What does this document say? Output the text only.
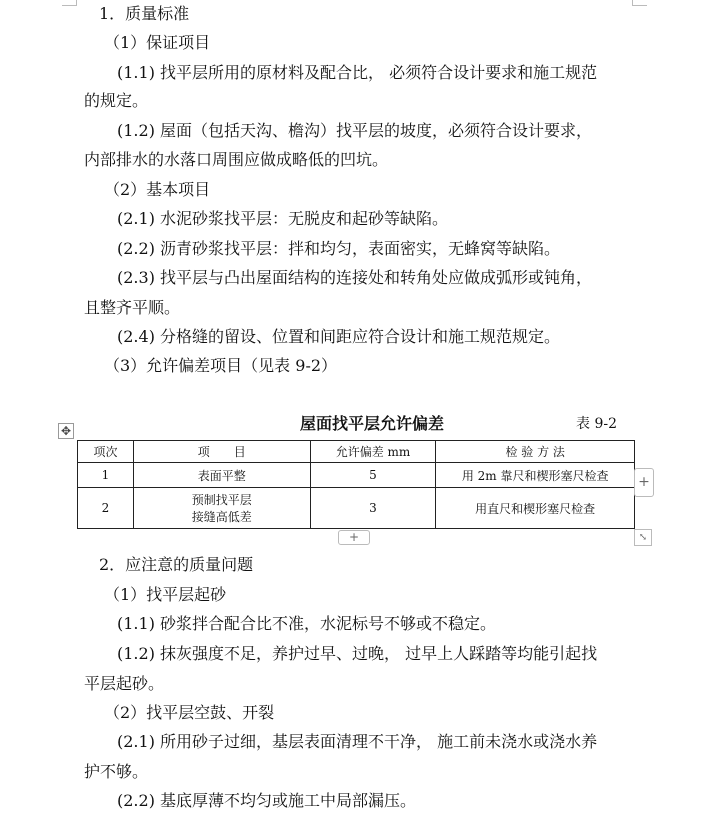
1．质量标准
（1）保证项目
(1.1) 找平层所用的原材料及配合比， 必须符合设计要求和施工规范
的规定。
(1.2) 屋面（包括天沟、檐沟）找平层的坡度，必须符合设计要求，
内部排水的水落口周围应做成略低的凹坑。
（2）基本项目
(2.1) 水泥砂浆找平层：无脱皮和起砂等缺陷。
(2.2) 沥青砂浆找平层：拌和均匀，表面密实，无蜂窝等缺陷。
(2.3) 找平层与凸出屋面结构的连接处和转角处应做成弧形或钝角，
且整齐平顺。
(2.4) 分格缝的留设、位置和间距应符合设计和施工规范规定。
（3）允许偏差项目（见表 9-2）
屋面找平层允许偏差	表 9-2
✥
项次	项　　目	允许偏差 mm	检 验 方 法
1	表面平整	5	用 2m 靠尺和楔形塞尺检查
2	预制找平层
接缝高低差	3	用直尺和楔形塞尺检查
+
+	⤡
2．应注意的质量问题
（1）找平层起砂
(1.1) 砂浆拌合配合比不准，水泥标号不够或不稳定。
(1.2) 抹灰强度不足，养护过早、过晚， 过早上人踩踏等均能引起找
平层起砂。
（2）找平层空鼓、开裂
(2.1) 所用砂子过细，基层表面清理不干净， 施工前未浇水或浇水养
护不够。
(2.2) 基底厚薄不均匀或施工中局部漏压。
